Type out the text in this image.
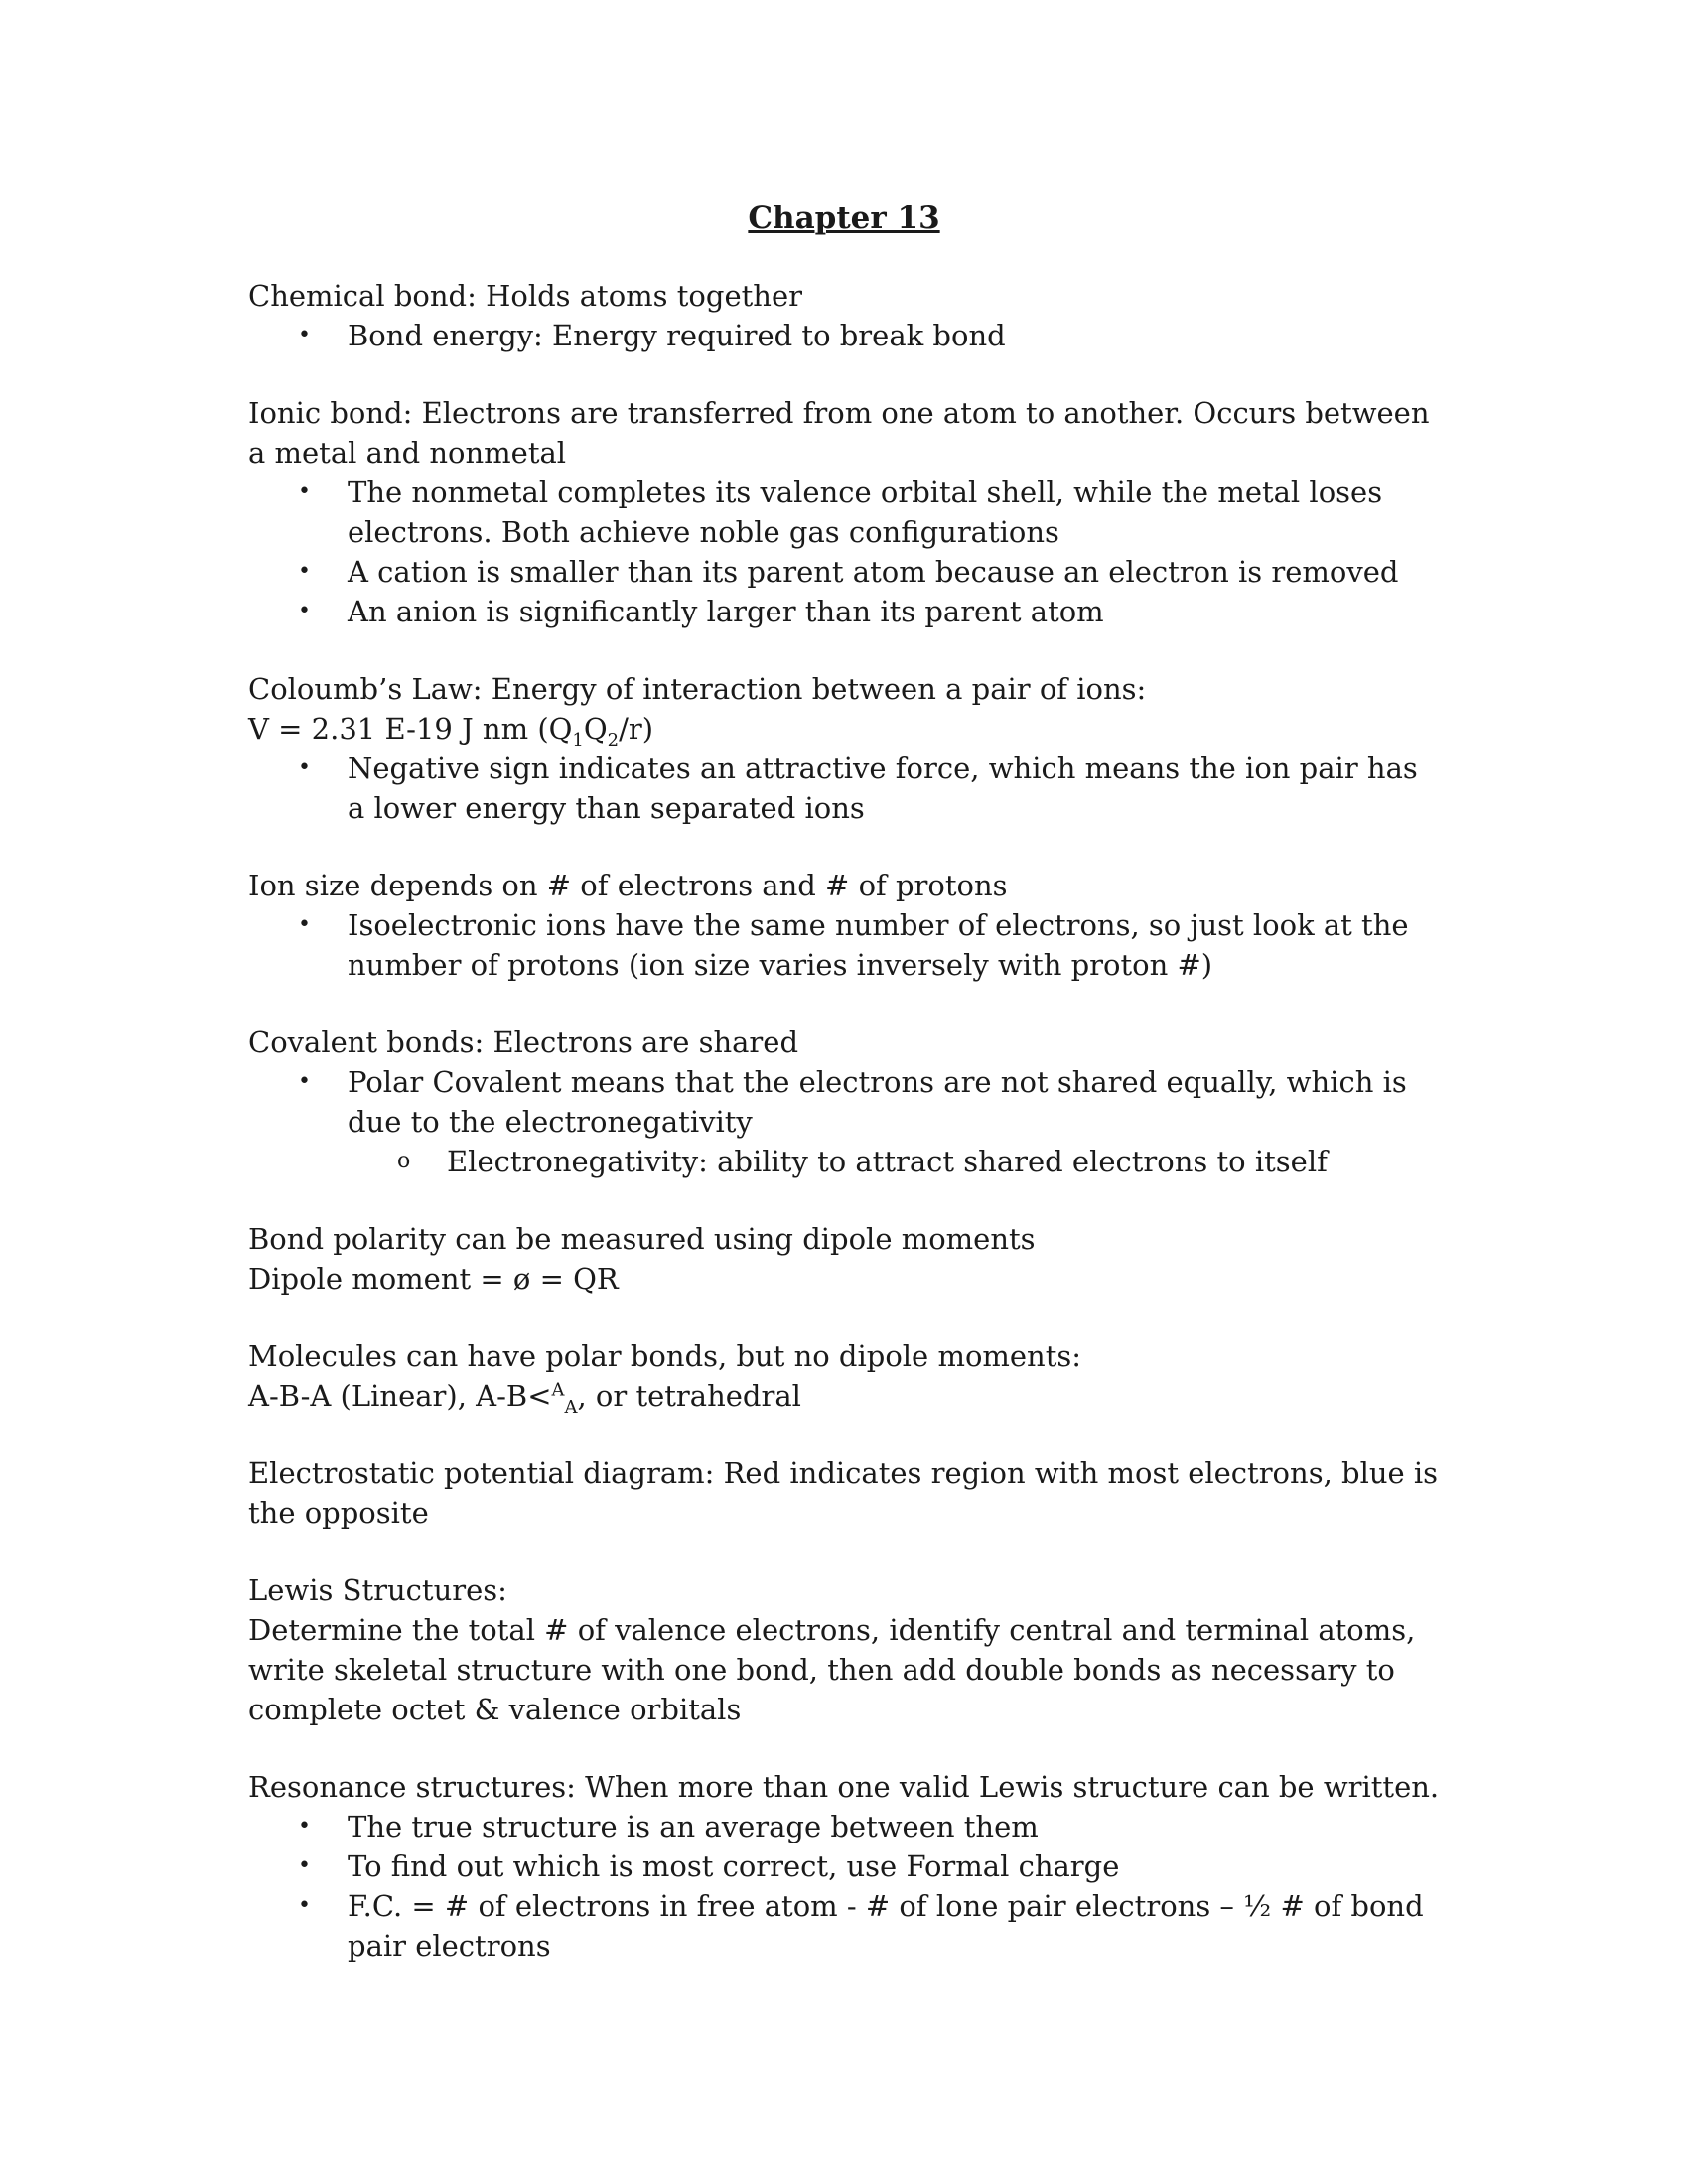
Chapter 13

Chemical bond: Holds atoms together

• Bond energy: Energy required to break bond

Ionic bond: Electrons are transferred from one atom to another. Occurs between a metal and nonmetal

• The nonmetal completes its valence orbital shell, while the metal loses electrons. Both achieve noble gas configurations
• A cation is smaller than its parent atom because an electron is removed
• An anion is significantly larger than its parent atom

Coloumb’s Law: Energy of interaction between a pair of ions:

V = 2.31 E-19 J nm $(Q_1Q_2/r)$

• Negative sign indicates an attractive force, which means the ion pair has a lower energy than separated ions

Ion size depends on # of electrons and # of protons

• Isoelectronic ions have the same number of electrons, so just look at the number of protons (ion size varies inversely with proton #)

Covalent bonds: Electrons are shared

• Polar Covalent means that the electrons are not shared equally, which is due to the electronegativity
o Electronegativity: ability to attract shared electrons to itself

Bond polarity can be measured using dipole moments

Dipole moment = ø = QR

Molecules can have polar bonds, but no dipole moments:

A-B-A (Linear), A-B<$^A_A$, or tetrahedral

Electrostatic potential diagram: Red indicates region with most electrons, blue is the opposite

Lewis Structures:

Determine the total # of valence electrons, identify central and terminal atoms, write skeletal structure with one bond, then add double bonds as necessary to complete octet & valence orbitals

Resonance structures: When more than one valid Lewis structure can be written.

• The true structure is an average between them
• To find out which is most correct, use Formal charge
• F.C. = # of electrons in free atom - # of lone pair electrons – ½ # of bond pair electrons
